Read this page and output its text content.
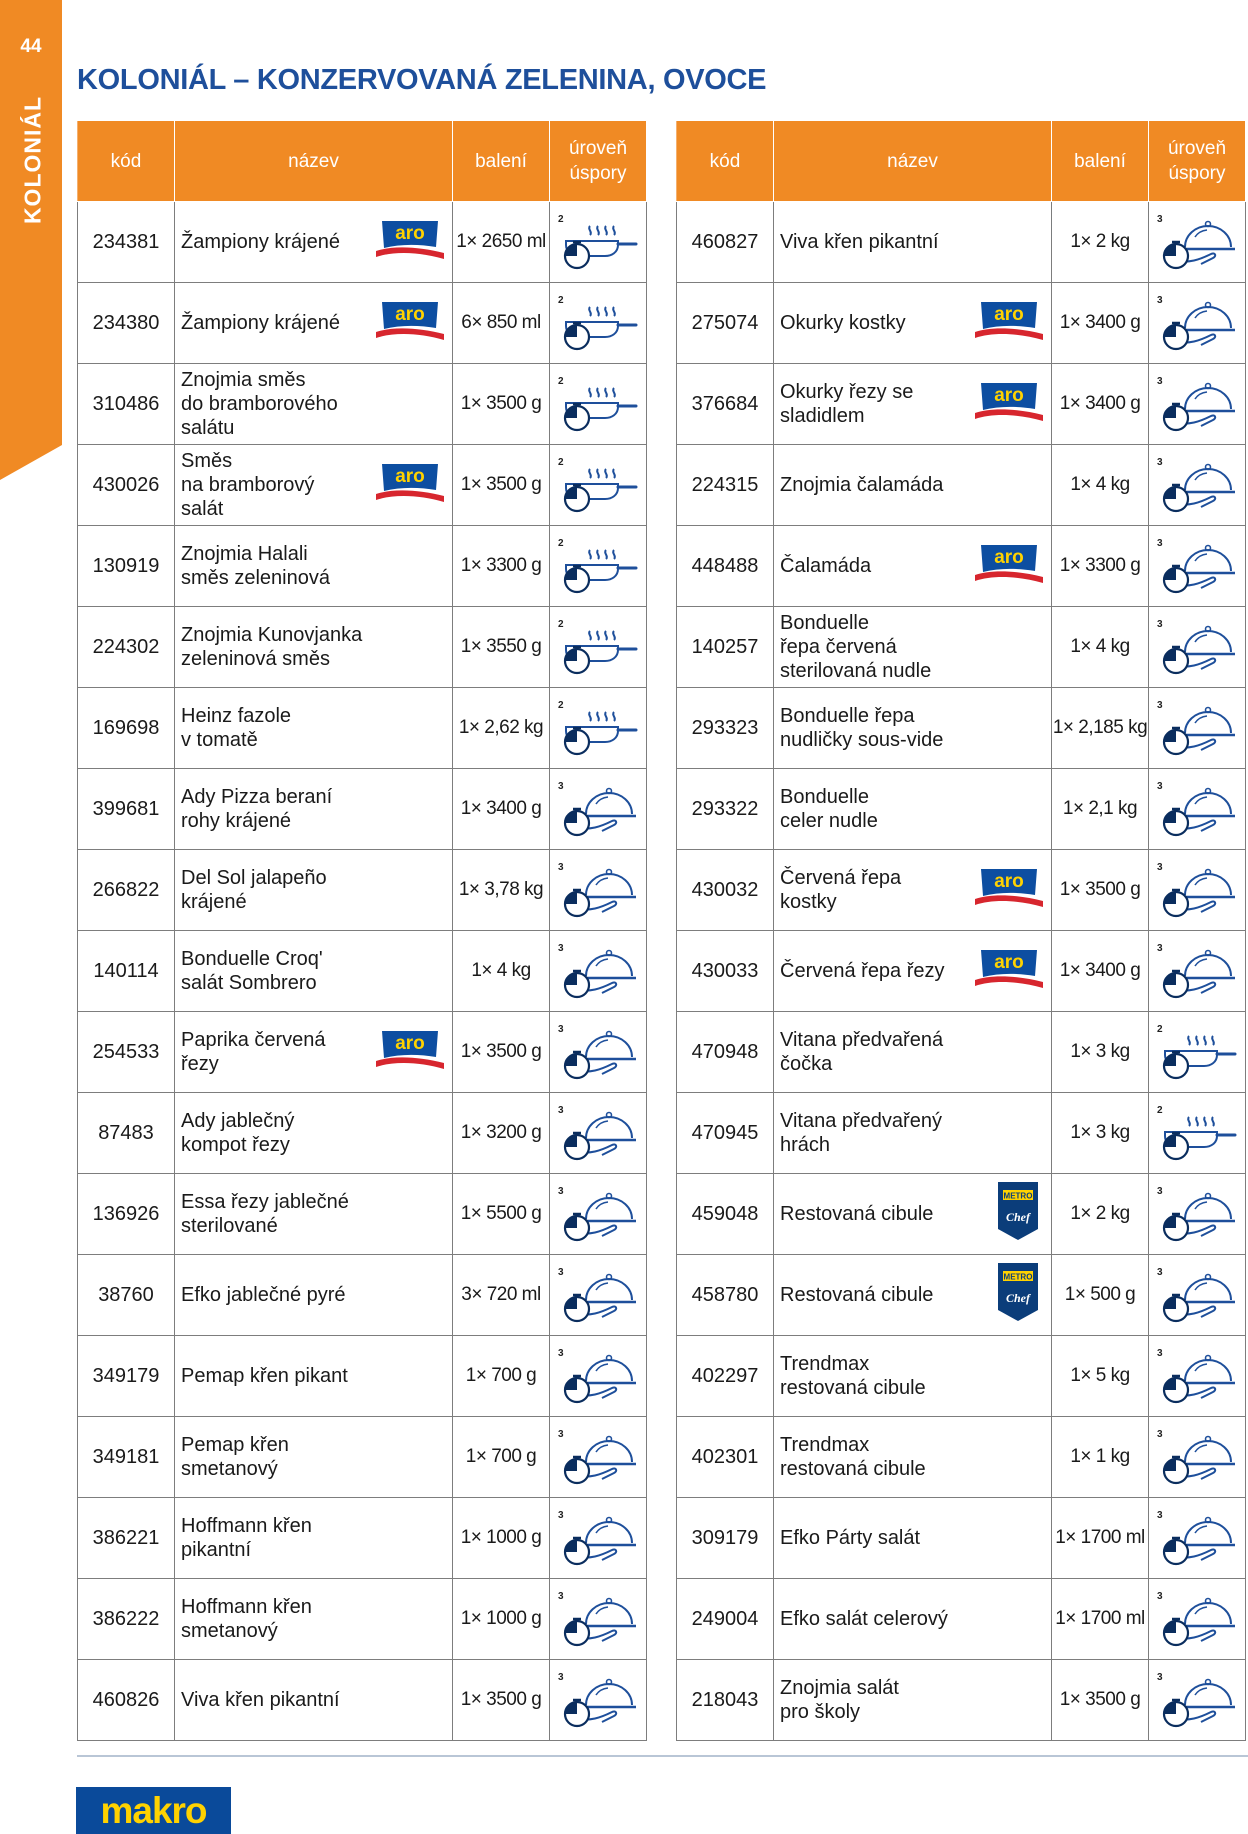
44
KOLONIÁL
KOLONIÁL – KONZERVOVANÁ ZELENINA, OVOCE
kód	název	balení	úroveň
úspory
234381	Žampiony krájené aro	1× 2650 ml	2

234380	Žampiony krájené aro	6× 850 ml	2

310486	Znojmia směs
do bramborového
salátu	1× 3500 g	2

430026	Směs
na bramborový
salát
aro	1× 3500 g	2

130919	Znojmia Halali
směs zeleninová	1× 3300 g	2

224302	Znojmia Kunovjanka
zeleninová směs	1× 3550 g	2

169698	Heinz fazole
v tomatě	1× 2,62 kg	2

399681	Ady Pizza beraní
rohy krájené	1× 3400 g	3

266822	Del Sol jalapeño
krájené	1× 3,78 kg	3

140114	Bonduelle Croq'
salát Sombrero	1× 4 kg	3

254533	Paprika červená
řezy
aro	1× 3500 g	3

87483	Ady jablečný
kompot řezy	1× 3200 g	3

136926	Essa řezy jablečné
sterilované	1× 5500 g	3

38760	Efko jablečné pyré	3× 720 ml	3

349179	Pemap křen pikant	1× 700 g	3

349181	Pemap křen
smetanový	1× 700 g	3

386221	Hoffmann křen
pikantní	1× 1000 g	3

386222	Hoffmann křen
smetanový	1× 1000 g	3

460826	Viva křen pikantní	1× 3500 g	3
kód	název	balení	úroveň
úspory
460827	Viva křen pikantní	1× 2 kg	3

275074	Okurky kostky aro	1× 3400 g	3

376684	Okurky řezy se
sladidlem
aro	1× 3400 g	3

224315	Znojmia čalamáda	1× 4 kg	3

448488	Čalamáda aro	1× 3300 g	3

140257	Bonduelle
řepa červená
sterilovaná nudle	1× 4 kg	3

293323	Bonduelle řepa
nudličky sous-vide	1× 2,185 kg	3

293322	Bonduelle
celer nudle	1× 2,1 kg	3

430032	Červená řepa
kostky
aro	1× 3500 g	3

430033	Červená řepa řezy aro	1× 3400 g	3

470948	Vitana předvařená
čočka	1× 3 kg	2

470945	Vitana předvařený
hrách	1× 3 kg	2

459048	Restovaná cibule
METRO
Chef	1× 2 kg	3

458780	Restovaná cibule
METRO
Chef	1× 500 g	3

402297	Trendmax
restovaná cibule	1× 5 kg	3

402301	Trendmax
restovaná cibule	1× 1 kg	3

309179	Efko Párty salát	1× 1700 ml	3

249004	Efko salát celerový	1× 1700 ml	3

218043	Znojmia salát
pro školy	1× 3500 g	3
makro
